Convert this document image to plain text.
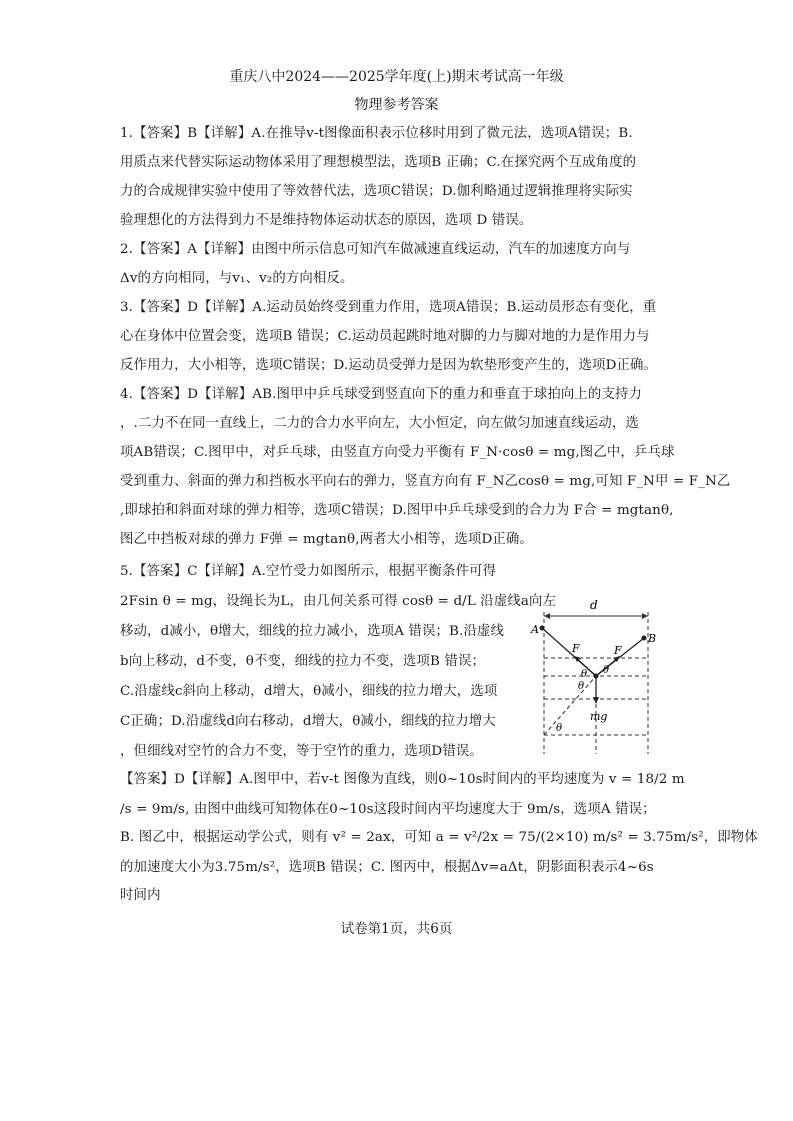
重庆八中2024——2025学年度(上)期末考试高一年级
物理参考答案
1.【答案】B【详解】A.在推导v-t图像面积表示位移时用到了微元法，选项A错误；B.
用质点来代替实际运动物体采用了理想模型法，选项B 正确；C.在探究两个互成角度的
力的合成规律实验中使用了等效替代法，选项C错误；D.伽利略通过逻辑推理将实际实
验理想化的方法得到力不是维持物体运动状态的原因，选项 D 错误。
2.【答案】A【详解】由图中所示信息可知汽车做减速直线运动，汽车的加速度方向与
Δv的方向相同，与v₁、v₂的方向相反。
3.【答案】D【详解】A.运动员始终受到重力作用，选项A错误；B.运动员形态有变化，重
心在身体中位置会变，选项B 错误；C.运动员起跳时地对脚的力与脚对地的力是作用力与
反作用力，大小相等，选项C错误；D.运动员受弹力是因为软垫形变产生的，选项D正确。
4.【答案】D【详解】AB.图甲中乒乓球受到竖直向下的重力和垂直于球拍向上的支持力
，.二力不在同一直线上，二力的合力水平向左，大小恒定，向左做匀加速直线运动，选
项AB错误；C.图甲中，对乒乓球，由竖直方向受力平衡有 F_N·cosθ = mg,图乙中，乒乓球
受到重力、斜面的弹力和挡板水平向右的弹力，竖直方向有 F_N乙cosθ = mg,可知 F_N甲 = F_N乙
,即球拍和斜面对球的弹力相等，选项C错误；D.图甲中乒乓球受到的合力为 F合 = mgtanθ,
图乙中挡板对球的弹力 F弹 = mgtanθ,两者大小相等，选项D正确。
5.【答案】C【详解】A.空竹受力如图所示，根据平衡条件可得
2Fsin θ = mg，设绳长为L，由几何关系可得 cosθ = d/L 沿虚线a向左
移动，d减小，θ增大，细线的拉力减小，选项A 错误；B.沿虚线
b向上移动，d不变，θ不变，细线的拉力不变，选项B 错误；
C.沿虚线c斜向上移动，d增大，θ减小，细线的拉力增大，选项
C正确；D.沿虚线d向右移动，d增大，θ减小，细线的拉力增大
，但细线对空竹的合力不变，等于空竹的重力，选项D错误。
【答案】D【详解】A.图甲中，若v-t 图像为直线，则0~10s时间内的平均速度为 v = 18/2 m
/s = 9m/s, 由图中曲线可知物体在0~10s这段时间内平均速度大于 9m/s，选项A 错误；
B. 图乙中，根据运动学公式，则有 v² = 2ax，可知 a = v²/2x = 75/(2×10) m/s² = 3.75m/s²，即物体
的加速度大小为3.75m/s²，选项B 错误；C. 图丙中，根据Δv=aΔt，阴影面积表示4~6s
时间内
d
A
B
F	F
θ θ
θ
θ
mg
试卷第1页，共6页
